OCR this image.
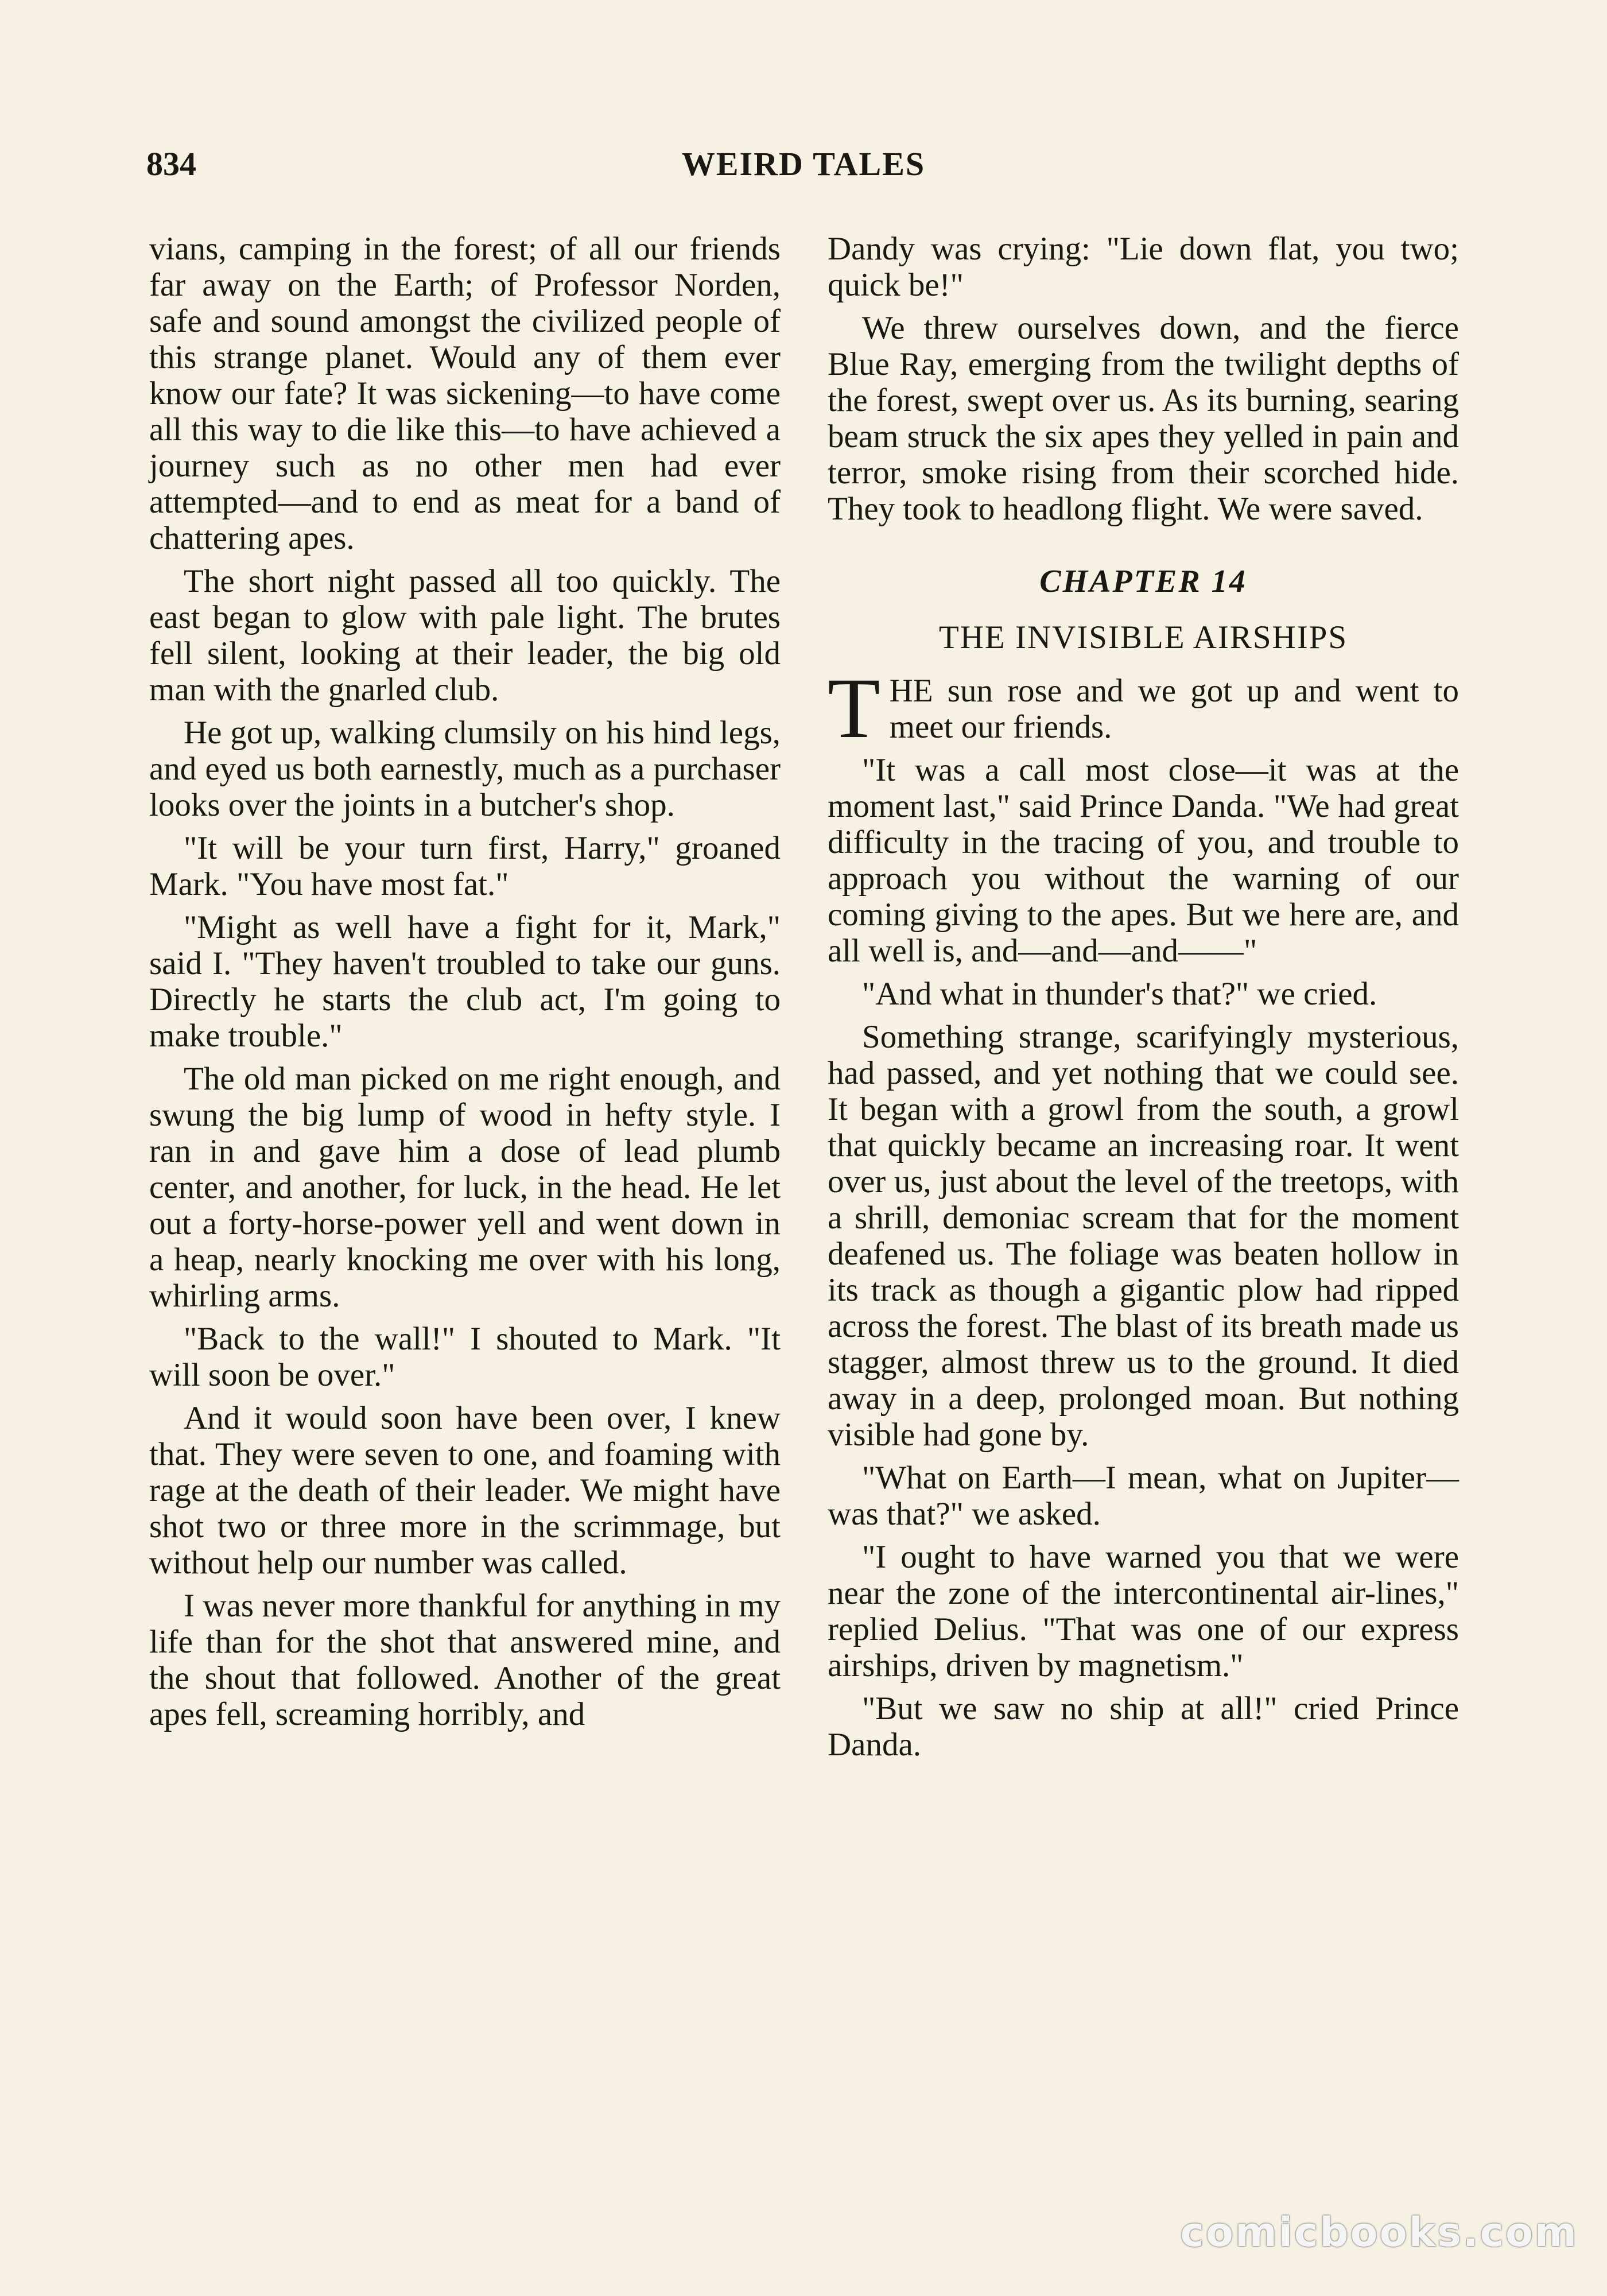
834	WEIRD TALES

vians, camping in the forest; of all our friends far away on the Earth; of Professor Norden, safe and sound amongst the civilized people of this strange planet. Would any of them ever know our fate? It was sickening—to have come all this way to die like this—to have achieved a journey such as no other men had ever attempted—and to end as meat for a band of chattering apes.

The short night passed all too quickly. The east began to glow with pale light. The brutes fell silent, looking at their leader, the big old man with the gnarled club.

He got up, walking clumsily on his hind legs, and eyed us both earnestly, much as a purchaser looks over the joints in a butcher's shop.

"It will be your turn first, Harry," groaned Mark. "You have most fat."

"Might as well have a fight for it, Mark," said I. "They haven't troubled to take our guns. Directly he starts the club act, I'm going to make trouble."

The old man picked on me right enough, and swung the big lump of wood in hefty style. I ran in and gave him a dose of lead plumb center, and another, for luck, in the head. He let out a forty-horse-power yell and went down in a heap, nearly knocking me over with his long, whirling arms.

"Back to the wall!" I shouted to Mark. "It will soon be over."

And it would soon have been over, I knew that. They were seven to one, and foaming with rage at the death of their leader. We might have shot two or three more in the scrimmage, but without help our number was called.

I was never more thankful for anything in my life than for the shot that answered mine, and the shout that followed. Another of the great apes fell, screaming horribly, and

Dandy was crying: "Lie down flat, you two; quick be!"

We threw ourselves down, and the fierce Blue Ray, emerging from the twilight depths of the forest, swept over us. As its burning, searing beam struck the six apes they yelled in pain and terror, smoke rising from their scorched hide. They took to headlong flight. We were saved.

CHAPTER 14
THE INVISIBLE AIRSHIPS

THE sun rose and we got up and went to meet our friends.

"It was a call most close—it was at the moment last," said Prince Danda. "We had great difficulty in the tracing of you, and trouble to approach you without the warning of our coming giving to the apes. But we here are, and all well is, and—and—and——"

"And what in thunder's that?" we cried.

Something strange, scarifyingly mysterious, had passed, and yet nothing that we could see. It began with a growl from the south, a growl that quickly became an increasing roar. It went over us, just about the level of the treetops, with a shrill, demoniac scream that for the moment deafened us. The foliage was beaten hollow in its track as though a gigantic plow had ripped across the forest. The blast of its breath made us stagger, almost threw us to the ground. It died away in a deep, prolonged moan. But nothing visible had gone by.

"What on Earth—I mean, what on Jupiter—was that?" we asked.

"I ought to have warned you that we were near the zone of the intercontinental air-lines," replied Delius. "That was one of our express airships, driven by magnetism."

"But we saw no ship at all!" cried Prince Danda.

comicbooks.com
